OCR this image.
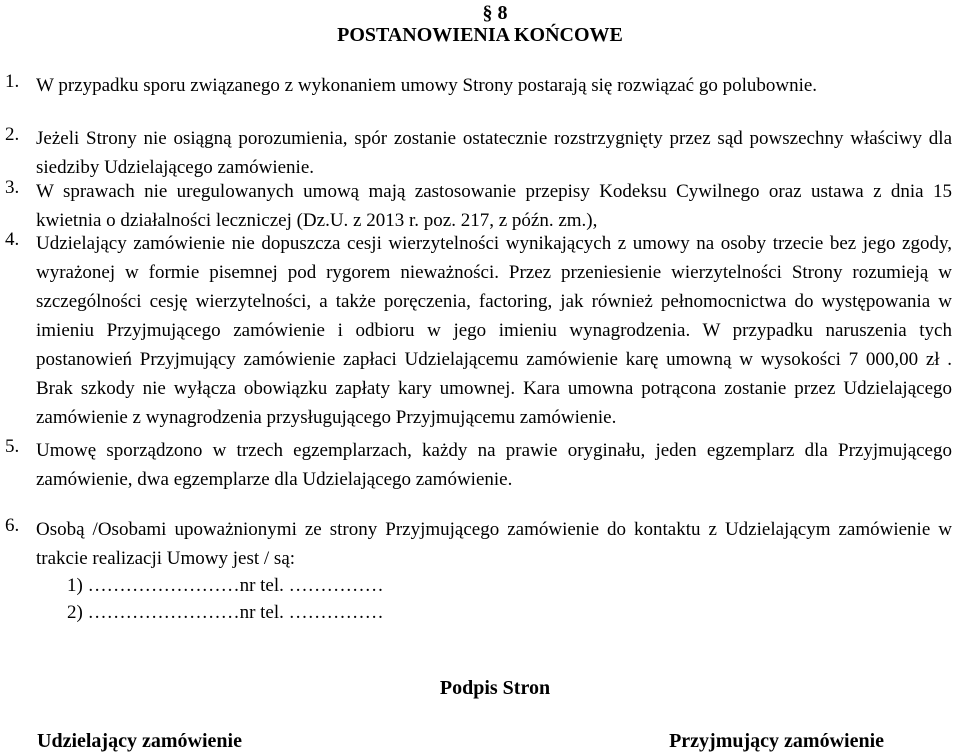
§ 8
POSTANOWIENIA KOŃCOWE
1. W przypadku sporu związanego z wykonaniem umowy Strony postarają się rozwiązać go polubownie.
2. Jeżeli Strony nie osiągną porozumienia, spór zostanie ostatecznie rozstrzygnięty przez sąd powszechny właściwy dla siedziby Udzielającego zamówienie.
3. W sprawach nie uregulowanych umową mają zastosowanie przepisy Kodeksu Cywilnego oraz ustawa z dnia 15 kwietnia o działalności leczniczej (Dz.U. z 2013 r. poz. 217, z późn. zm.),
4. Udzielający zamówienie nie dopuszcza cesji wierzytelności wynikających z umowy na osoby trzecie bez jego zgody, wyrażonej w formie pisemnej pod rygorem nieważności. Przez przeniesienie wierzytelności Strony rozumieją w szczególności cesję wierzytelności, a także poręczenia, factoring, jak również pełnomocnictwa do występowania w imieniu Przyjmującego zamówienie i odbioru w jego imieniu wynagrodzenia. W przypadku naruszenia tych postanowień Przyjmujący zamówienie zapłaci Udzielającemu zamówienie karę umowną w wysokości 7 000,00 zł . Brak szkody nie wyłącza obowiązku zapłaty kary umownej. Kara umowna potrącona zostanie przez Udzielającego zamówienie z wynagrodzenia przysługującego Przyjmującemu zamówienie.
5. Umowę sporządzono w trzech egzemplarzach, każdy na prawie oryginału, jeden egzemplarz dla Przyjmującego zamówienie, dwa egzemplarze dla Udzielającego zamówienie.
6. Osobą /Osobami upoważnionymi ze strony Przyjmującego zamówienie do kontaktu z Udzielającym zamówienie w trakcie realizacji Umowy jest / są:
1) ……………………nr tel. ……………
2) ……………………nr tel. ……………
Podpis Stron
Udzielający zamówienie	Przyjmujący zamówienie
